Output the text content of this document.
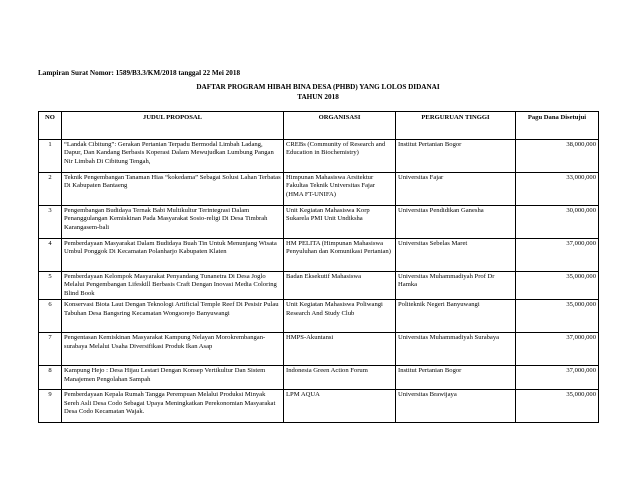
Lampiran Surat Nomor: 1589/B3.3/KM/2018 tanggal 22 Mei 2018
DAFTAR PROGRAM HIBAH BINA DESA (PHBD) YANG LOLOS DIDANAI
TAHUN 2018
NO	JUDUL PROPOSAL	ORGANISASI	PERGURUAN TINGGI	Pagu Dana Disetujui
1	“Landak Cibitung”: Gerakan Pertanian Terpadu Bermodal Limbah Ladang, Dapur, Dan Kandang Berbasis Koperasi Dalam Mewujudkan Lumbung Pangan Nir Limbah Di Cibitung Tengah,	CREBs (Community of Research and Education in Biochemistry)	Institut Pertanian Bogor	38,000,000
2	Teknik Pengembangan Tanaman Hias “kokedama” Sebagai Solusi Lahan Terbatas Di Kabupaten Bantaeng	Himpunan Mahasiswa Arsitektur Fakultas Teknik Universitas Fajar (HMA FT-UNIFA)	Universitas Fajar	33,000,000
3	Pengembangan Budidaya Ternak Babi Multikultur Terintegrasi Dalam Penanggulangan Kemiskinan Pada Masyarakat Sosio-religi Di Desa Timbrah Karangasem-bali	Unit Kegiatan Mahasiswa Korp Sukarela PMI Unit Undiksha	Universitas Pendidikan Ganesha	30,000,000
4	Pemberdayaan Masyarakat Dalam Budidaya Buah Tin Untuk Menunjang Wisata Umbul Ponggok Di Kecamatan Polanharjo Kabupaten Klaten	HM PELITA (Himpunan Mahasiswa Penyuluhan dan Komunikasi Pertanian)	Universitas Sebelas Maret	37,000,000
5	Pemberdayaan Kelompok Masyarakat Penyandang Tunanetra Di Desa Joglo Melalui Pengembangan Lifeskill Berbasis Craft Dengan Inovasi Media Coloring Blind Book	Badan Eksekutif Mahasiswa	Universitas Muhammadiyah Prof Dr Hamka	35,000,000
6	Konservasi Biota Laut Dengan Teknologi Artificial Temple Reef Di Pesisir Pulau Tabuhan Desa Bangsring Kecamatan Wongsorejo Banyuwangi	Unit Kegiatan Mahasiswa Poliwangi Research And Study Club	Politeknik Negeri Banyuwangi	35,000,000
7	Pengentasan Kemiskinan Masyarakat Kampung Nelayan Morokrembangan-surabaya Melalui Usaha Diversifikasi Produk Ikan Asap	HMPS-Akuntansi	Universitas Muhammadiyah Surabaya	37,000,000
8	Kampung Hejo : Desa Hijau Lestari Dengan Konsep Vertikultur Dan Sistem Manajemen Pengolahan Sampah	Indonesia Green Action Forum	Institut Pertanian Bogor	37,000,000
9	Pemberdayaan Kepala Rumah Tangga Perempuan Melalui Produksi Minyak Sereh Asli Desa Codo Sebagai Upaya Meningkatkan Perekonomian Masyarakat Desa Codo Kecamatan Wajak.	LPM AQUA	Universitas Brawijaya	35,000,000
